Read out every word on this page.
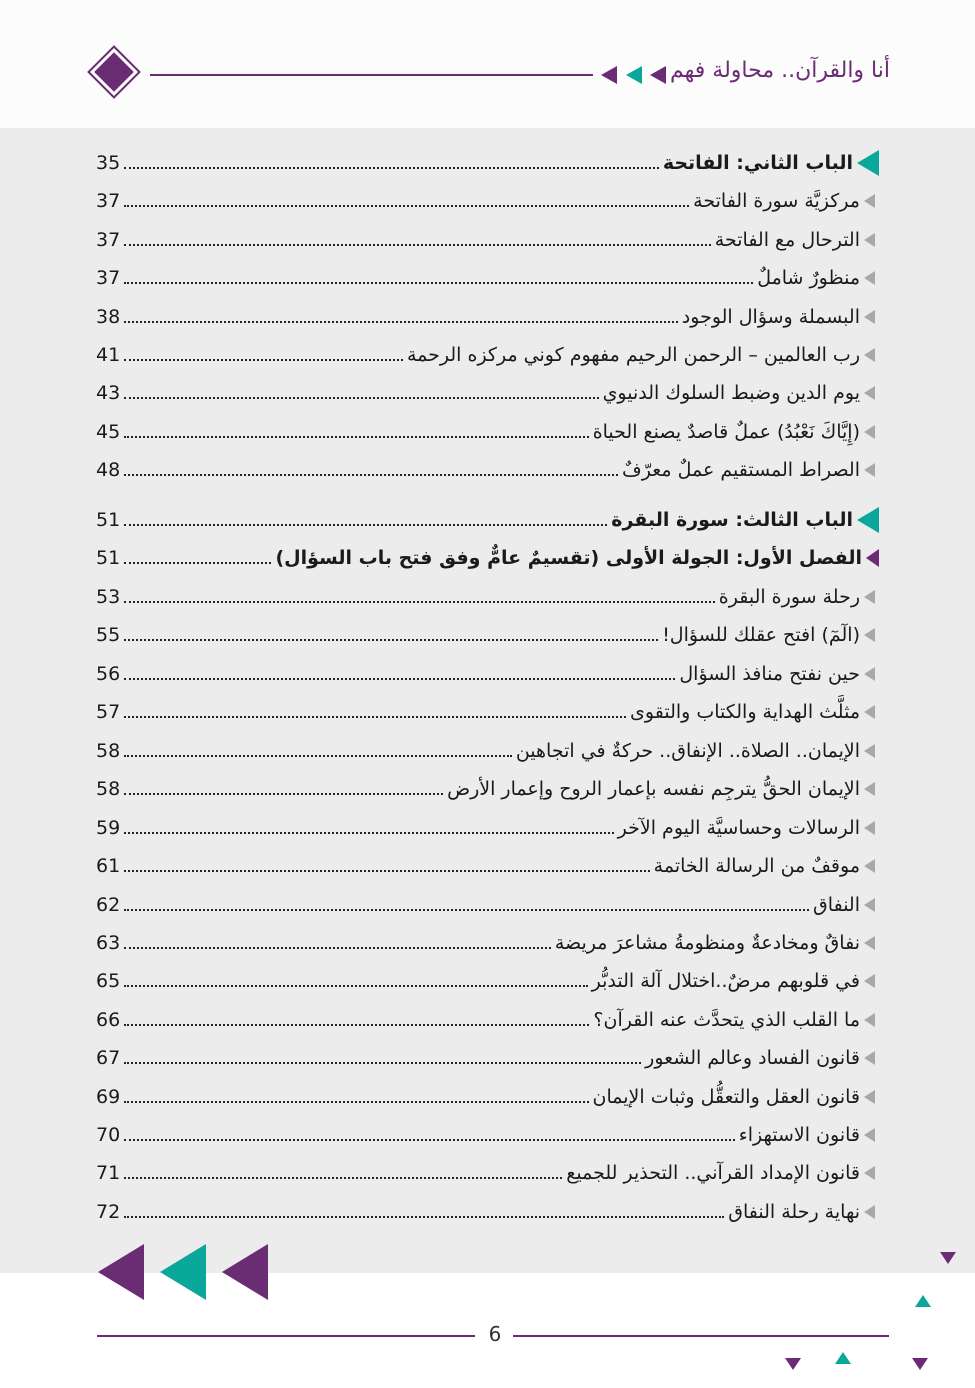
أنا والقرآن.. محاولة فهم
الباب الثاني: الفاتحة
35
مركزيَّة سورة الفاتحة
37
الترحال مع الفاتحة
37
منظورٌ شاملٌ
37
البسملة وسؤال الوجود
38
رب العالمين – الرحمن الرحيم مفهوم كوني مركزه الرحمة
41
يوم الدين وضبط السلوك الدنيوي
43
(إِيَّاكَ نَعْبُدُ) عملٌ قاصدٌ يصنع الحياة
45
الصراط المستقيم عملٌ معرّفٌ
48
الباب الثالث: سورة البقرة
51
الفصل الأول: الجولة الأولى (تقسيمٌ عامٌّ وفق فتح باب السؤال)
51
رحلة سورة البقرة
53
(الٓمٓ) افتح عقلك للسؤال!
55
حين نفتح منافذ السؤال
56
مثلَّث الهداية والكتاب والتقوى
57
الإيمان.. الصلاة.. الإنفاق.. حركةٌ في اتجاهين
58
الإيمان الحقُّ يترجِم نفسه بإعمار الروح وإعمار الأرض
58
الرسالات وحساسيَّة اليوم الآخر
59
موقفٌ من الرسالة الخاتمة
61
النفاق
62
نفاقٌ ومخادعةٌ ومنظومةُ مشاعرَ مريضة
63
في قلوبهم مرضٌ..اختلال آلة التدبُّر
65
ما القلب الذي يتحدَّث عنه القرآن؟
66
قانون الفساد وعالم الشعور
67
قانون العقل والتعقُّل وثبات الإيمان
69
قانون الاستهزاء
70
قانون الإمداد القرآني.. التحذير للجميع
71
نهاية رحلة النفاق
72
6
